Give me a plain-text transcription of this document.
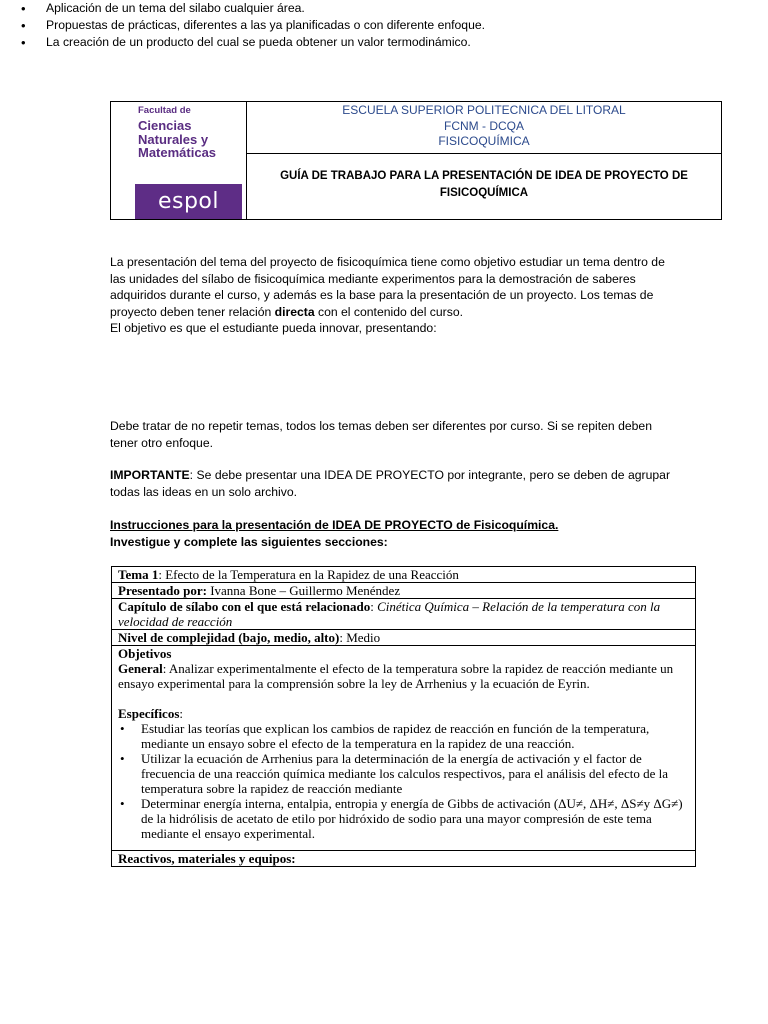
Facultad de
Ciencias
Naturales y
Matemáticas
espol
ESCUELA SUPERIOR POLITECNICA DEL LITORAL
FCNM - DCQA
FISICOQUÍMICA
GUÍA DE TRABAJO PARA LA PRESENTACIÓN DE IDEA DE PROYECTO DE FISICOQUÍMICA
La presentación del tema del proyecto de fisicoquímica tiene como objetivo estudiar un tema dentro de las unidades del sílabo de fisicoquímica mediante experimentos para la demostración de saberes adquiridos durante el curso, y además es la base para la presentación de un proyecto. Los temas de proyecto deben tener relación directa con el contenido del curso.
El objetivo es que el estudiante pueda innovar, presentando:
• Aplicación de un tema del silabo cualquier área.
• Propuestas de prácticas, diferentes a las ya planificadas o con diferente enfoque.
• La creación de un producto del cual se pueda obtener un valor termodinámico.
Debe tratar de no repetir temas, todos los temas deben ser diferentes por curso. Si se repiten deben tener otro enfoque.
IMPORTANTE: Se debe presentar una IDEA DE PROYECTO por integrante, pero se deben de agrupar todas las ideas en un solo archivo.
Instrucciones para la presentación de IDEA DE PROYECTO de Fisicoquímica.
Investigue y complete las siguientes secciones:
Tema 1: Efecto de la Temperatura en la Rapidez de una Reacción
Presentado por: Ivanna Bone – Guillermo Menéndez
Capítulo de sílabo con el que está relacionado: Cinética Química – Relación de la temperatura con la velocidad de reacción
Nivel de complejidad (bajo, medio, alto): Medio
Objetivos
General: Analizar experimentalmente el efecto de la temperatura sobre la rapidez de reacción mediante un ensayo experimental para la comprensión sobre la ley de Arrhenius y la ecuación de Eyrin.
Específicos:
• Estudiar las teorías que explican los cambios de rapidez de reacción en función de la temperatura, mediante un ensayo sobre el efecto de la temperatura en la rapidez de una reacción.
• Utilizar la ecuación de Arrhenius para la determinación de la energía de activación y el factor de frecuencia de una reacción química mediante los calculos respectivos, para el análisis del efecto de la temperatura sobre la rapidez de reacción mediante
• Determinar energía interna, entalpia, entropia y energía de Gibbs de activación (ΔU≠, ΔH≠, ΔS≠y ΔG≠) de la hidrólisis de acetato de etilo por hidróxido de sodio para una mayor compresión de este tema mediante el ensayo experimental.
Reactivos, materiales y equipos:
